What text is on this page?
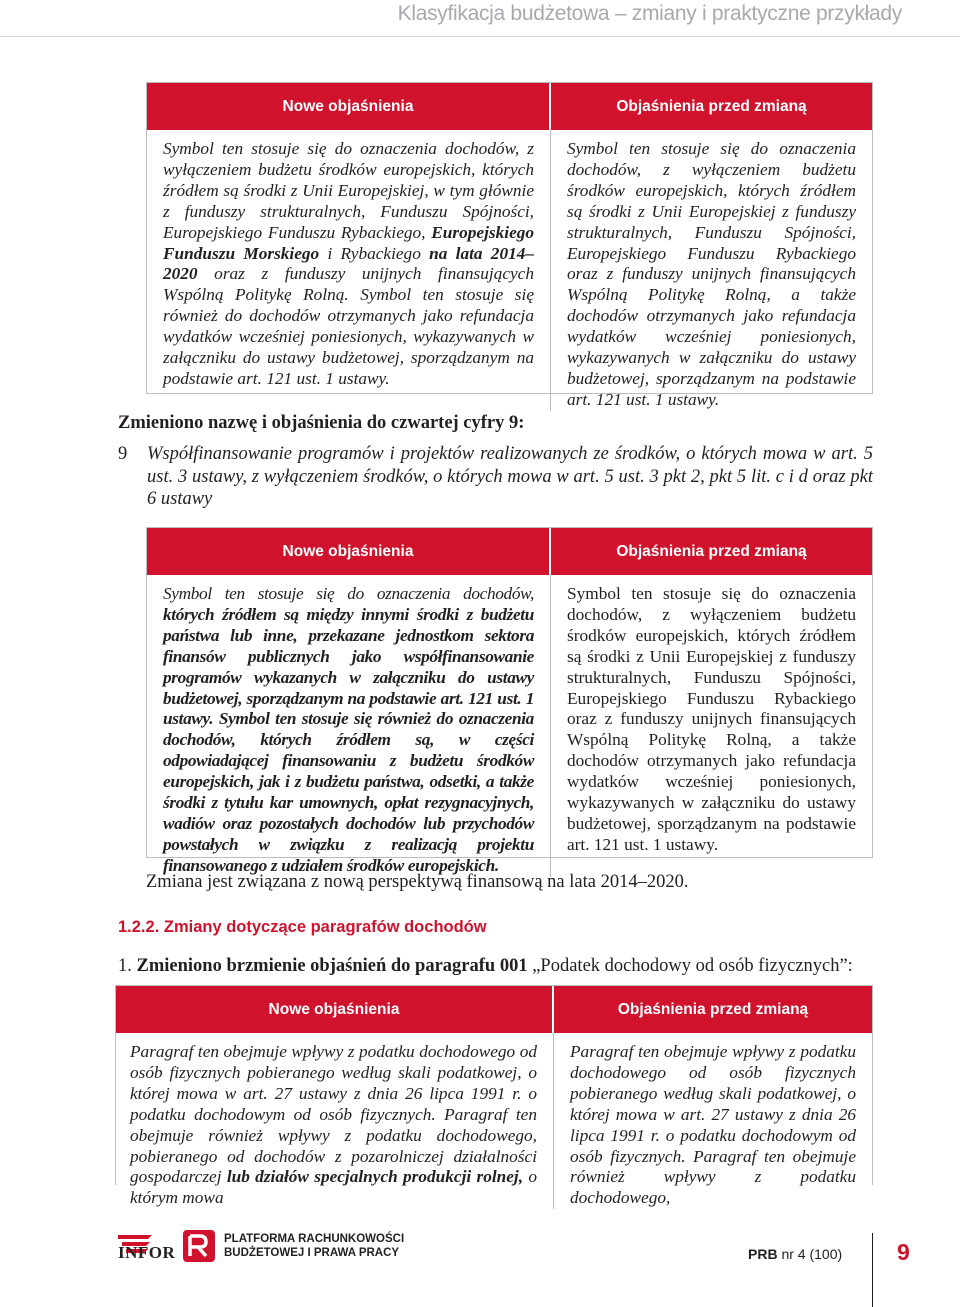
Klasyfikacja budżetowa – zmiany i praktyczne przykłady
Nowe objaśnienia	Objaśnienia przed zmianą
Symbol ten stosuje się do oznaczenia dochodów, z wyłączeniem budżetu środków europejskich, których źródłem są środki z Unii Europejskiej, w tym głównie z funduszy strukturalnych, Funduszu Spójności, Europejskiego Funduszu Rybackiego, Europejskiego Funduszu Morskiego i Rybackiego na lata 2014–2020 oraz z funduszy unijnych finansujących Wspólną Politykę Rolną. Symbol ten stosuje się również do dochodów otrzymanych jako refundacja wydatków wcześniej poniesionych, wykazywanych w załączniku do ustawy budżetowej, sporządzanym na podstawie art. 121 ust. 1 ustawy.
Symbol ten stosuje się do oznaczenia dochodów, z wyłączeniem budżetu środków europejskich, których źródłem są środki z Unii Europejskiej z funduszy strukturalnych, Funduszu Spójności, Europejskiego Funduszu Rybackiego oraz z funduszy unijnych finansujących Wspólną Politykę Rolną, a także dochodów otrzymanych jako refundacja wydatków wcześniej poniesionych, wykazywanych w załączniku do ustawy budżetowej, sporządzanym na podstawie art. 121 ust. 1 ustawy.
Zmieniono nazwę i objaśnienia do czwartej cyfry 9:
9 Współfinansowanie programów i projektów realizowanych ze środków, o których mowa w art. 5 ust. 3 ustawy, z wyłączeniem środków, o których mowa w art. 5 ust. 3 pkt 2, pkt 5 lit. c i d oraz pkt 6 ustawy
Nowe objaśnienia	Objaśnienia przed zmianą
Symbol ten stosuje się do oznaczenia dochodów, których źródłem są między innymi środki z budżetu państwa lub inne, przekazane jednostkom sektora finansów publicznych jako współfinansowanie programów wykazanych w załączniku do ustawy budżetowej, sporządzanym na podstawie art. 121 ust. 1 ustawy. Symbol ten stosuje się również do oznaczenia dochodów, których źródłem są, w części odpowiadającej finansowaniu z budżetu środków europejskich, jak i z budżetu państwa, odsetki, a także środki z tytułu kar umownych, opłat rezygnacyjnych, wadiów oraz pozostałych dochodów lub przychodów powstałych w związku z realizacją projektu finansowanego z udziałem środków europejskich.
Symbol ten stosuje się do oznaczenia dochodów, z wyłączeniem budżetu środków europejskich, których źródłem są środki z Unii Europejskiej z funduszy strukturalnych, Funduszu Spójności, Europejskiego Funduszu Rybackiego oraz z funduszy unijnych finansujących Wspólną Politykę Rolną, a także dochodów otrzymanych jako refundacja wydatków wcześniej poniesionych, wykazywanych w załączniku do ustawy budżetowej, sporządzanym na podstawie art. 121 ust. 1 ustawy.
Zmiana jest związana z nową perspektywą finansową na lata 2014–2020.
1.2.2. Zmiany dotyczące paragrafów dochodów
1. Zmieniono brzmienie objaśnień do paragrafu 001 „Podatek dochodowy od osób fizycznych”:
Nowe objaśnienia	Objaśnienia przed zmianą
Paragraf ten obejmuje wpływy z podatku dochodowego od osób fizycznych pobieranego według skali podatkowej, o której mowa w art. 27 ustawy z dnia 26 lipca 1991 r. o podatku dochodowym od osób fizycznych. Paragraf ten obejmuje również wpływy z podatku dochodowego, pobieranego od dochodów z pozarolniczej działalności gospodarczej lub działów specjalnych produkcji rolnej, o którym mowa
Paragraf ten obejmuje wpływy z podatku dochodowego od osób fizycznych pobieranego według skali podatkowej, o której mowa w art. 27 ustawy z dnia 26 lipca 1991 r. o podatku dochodowym od osób fizycznych. Paragraf ten obejmuje również wpływy z podatku dochodowego,
INFOR
PLATFORMA RACHUNKOWOŚCI
BUDŻETOWEJ I PRAWA PRACY	PRB nr 4 (100) 9
